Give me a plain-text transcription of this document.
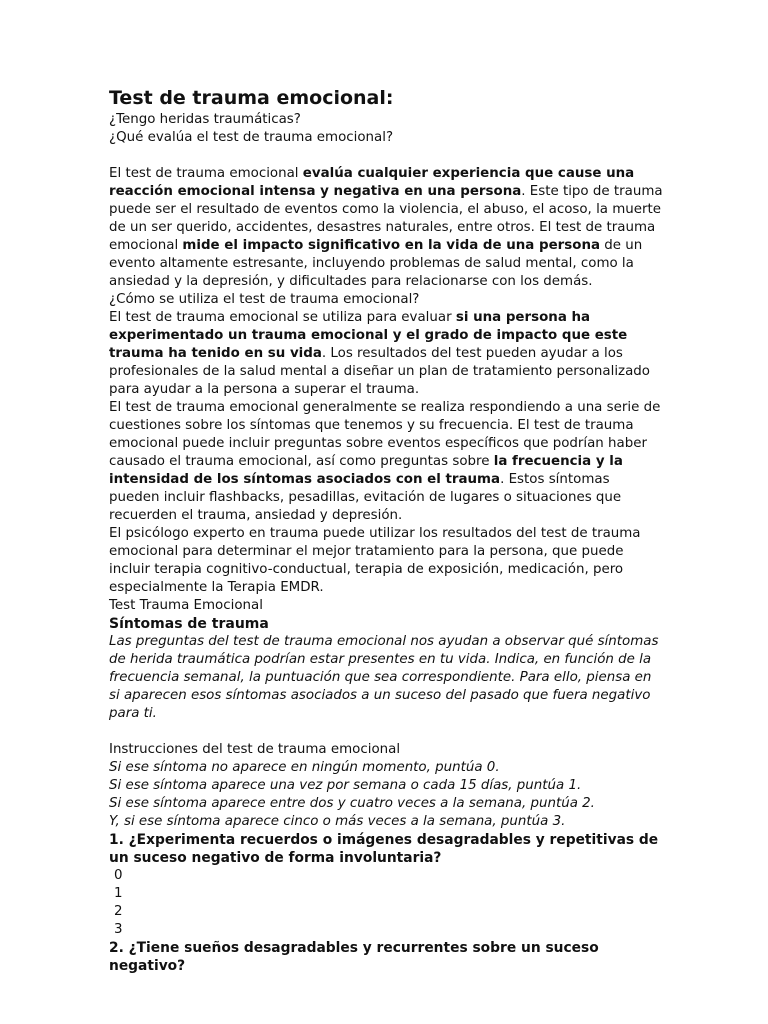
Test de trauma emocional:

¿Tengo heridas traumáticas?

¿Qué evalúa el test de trauma emocional?

El test de trauma emocional evalúa cualquier experiencia que cause una reacción emocional intensa y negativa en una persona. Este tipo de trauma puede ser el resultado de eventos como la violencia, el abuso, el acoso, la muerte de un ser querido, accidentes, desastres naturales, entre otros. El test de trauma emocional mide el impacto significativo en la vida de una persona de un evento altamente estresante, incluyendo problemas de salud mental, como la ansiedad y la depresión, y dificultades para relacionarse con los demás.

¿Cómo se utiliza el test de trauma emocional?

El test de trauma emocional se utiliza para evaluar si una persona ha experimentado un trauma emocional y el grado de impacto que este trauma ha tenido en su vida. Los resultados del test pueden ayudar a los profesionales de la salud mental a diseñar un plan de tratamiento personalizado para ayudar a la persona a superar el trauma.

El test de trauma emocional generalmente se realiza respondiendo a una serie de cuestiones sobre los síntomas que tenemos y su frecuencia. El test de trauma emocional puede incluir preguntas sobre eventos específicos que podrían haber causado el trauma emocional, así como preguntas sobre la frecuencia y la intensidad de los síntomas asociados con el trauma. Estos síntomas pueden incluir flashbacks, pesadillas, evitación de lugares o situaciones que recuerden el trauma, ansiedad y depresión.

El psicólogo experto en trauma puede utilizar los resultados del test de trauma emocional para determinar el mejor tratamiento para la persona, que puede incluir terapia cognitivo-conductual, terapia de exposición, medicación, pero especialmente la Terapia EMDR.

Test Trauma Emocional

Síntomas de trauma

Las preguntas del test de trauma emocional nos ayudan a observar qué síntomas de herida traumática podrían estar presentes en tu vida. Indica, en función de la frecuencia semanal, la puntuación que sea correspondiente. Para ello, piensa en si aparecen esos síntomas asociados a un suceso del pasado que fuera negativo para ti.

Instrucciones del test de trauma emocional

Si ese síntoma no aparece en ningún momento, puntúa 0.

Si ese síntoma aparece una vez por semana o cada 15 días, puntúa 1.

Si ese síntoma aparece entre dos y cuatro veces a la semana, puntúa 2.

Y, si ese síntoma aparece cinco o más veces a la semana, puntúa 3.

1. ¿Experimenta recuerdos o imágenes desagradables y repetitivas de un suceso negativo de forma involuntaria?

0
1
2
3

2. ¿Tiene sueños desagradables y recurrentes sobre un suceso negativo?
